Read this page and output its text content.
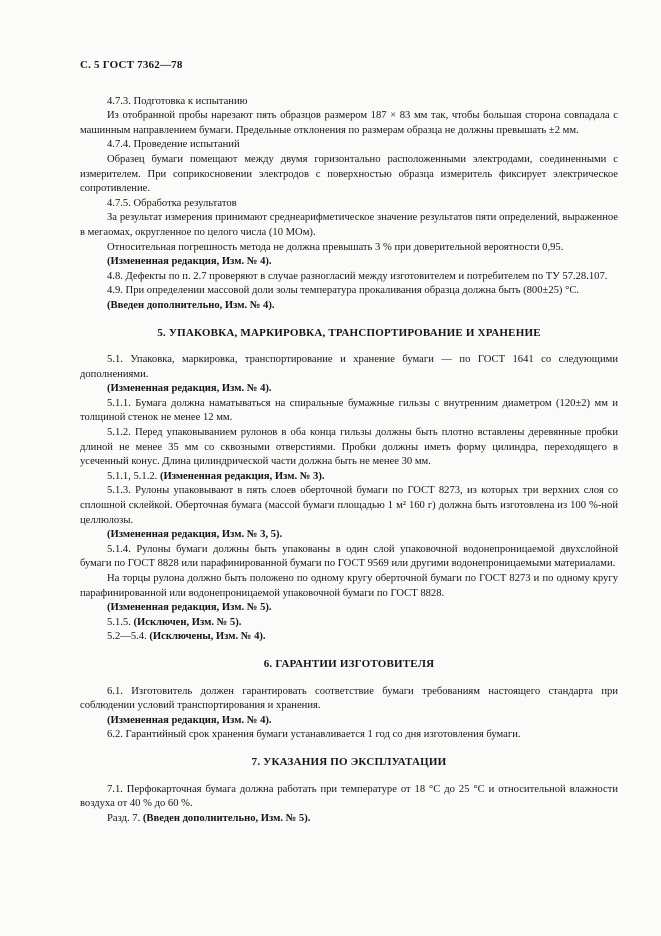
С. 5 ГОСТ 7362—78

4.7.3. Подготовка к испытанию

Из отобранной пробы нарезают пять образцов размером 187 × 83 мм так, чтобы большая сторона совпадала с машинным направлением бумаги. Предельные отклонения по размерам образца не должны превышать ±2 мм.

4.7.4. Проведение испытаний

Образец бумаги помещают между двумя горизонтально расположенными электродами, соединенными с измерителем. При соприкосновении электродов с поверхностью образца измеритель фиксирует электрическое сопротивление.

4.7.5. Обработка результатов

За результат измерения принимают среднеарифметическое значение результатов пяти определений, выраженное в мегаомах, округленное по целого числа (10 МОм).

Относительная погрешность метода не должна превышать 3 % при доверительной вероятности 0,95.

(Измененная редакция, Изм. № 4).

4.8. Дефекты по п. 2.7 проверяют в случае разногласий между изготовителем и потребителем по ТУ 57.28.107.

4.9. При определении массовой доли золы температура прокаливания образца должна быть (800±25) °С.

(Введен дополнительно, Изм. № 4).

5. УПАКОВКА, МАРКИРОВКА, ТРАНСПОРТИРОВАНИЕ И ХРАНЕНИЕ

5.1. Упаковка, маркировка, транспортирование и хранение бумаги — по ГОСТ 1641 со следующими дополнениями.

(Измененная редакция, Изм. № 4).

5.1.1. Бумага должна наматываться на спиральные бумажные гильзы с внутренним диаметром (120±2) мм и толщиной стенок не менее 12 мм.

5.1.2. Перед упаковыванием рулонов в оба конца гильзы должны быть плотно вставлены деревянные пробки длиной не менее 35 мм со сквозными отверстиями. Пробки должны иметь форму цилиндра, переходящего в усеченный конус. Длина цилиндрической части должна быть не менее 30 мм.

5.1.1, 5.1.2. (Измененная редакция, Изм. № 3).

5.1.3. Рулоны упаковывают в пять слоев оберточной бумаги по ГОСТ 8273, из которых три верхних слоя со сплошной склейкой. Оберточная бумага (массой бумаги площадью 1 м² 160 г) должна быть изготовлена из 100 %-ной целлюлозы.

(Измененная редакция, Изм. № 3, 5).

5.1.4. Рулоны бумаги должны быть упакованы в один слой упаковочной водонепроницаемой двухслойной бумаги по ГОСТ 8828 или парафинированной бумаги по ГОСТ 9569 или другими водонепроницаемыми материалами.

На торцы рулона должно быть положено по одному кругу оберточной бумаги по ГОСТ 8273 и по одному кругу парафинированной или водонепроницаемой упаковочной бумаги по ГОСТ 8828.

(Измененная редакция, Изм. № 5).

5.1.5. (Исключен, Изм. № 5).

5.2—5.4. (Исключены, Изм. № 4).

6. ГАРАНТИИ ИЗГОТОВИТЕЛЯ

6.1. Изготовитель должен гарантировать соответствие бумаги требованиям настоящего стандарта при соблюдении условий транспортирования и хранения.

(Измененная редакция, Изм. № 4).

6.2. Гарантийный срок хранения бумаги устанавливается 1 год со дня изготовления бумаги.

7. УКАЗАНИЯ ПО ЭКСПЛУАТАЦИИ

7.1. Перфокарточная бумага должна работать при температуре от 18 °С до 25 °С и относительной влажности воздуха от 40 % до 60 %.

Разд. 7. (Введен дополнительно, Изм. № 5).
